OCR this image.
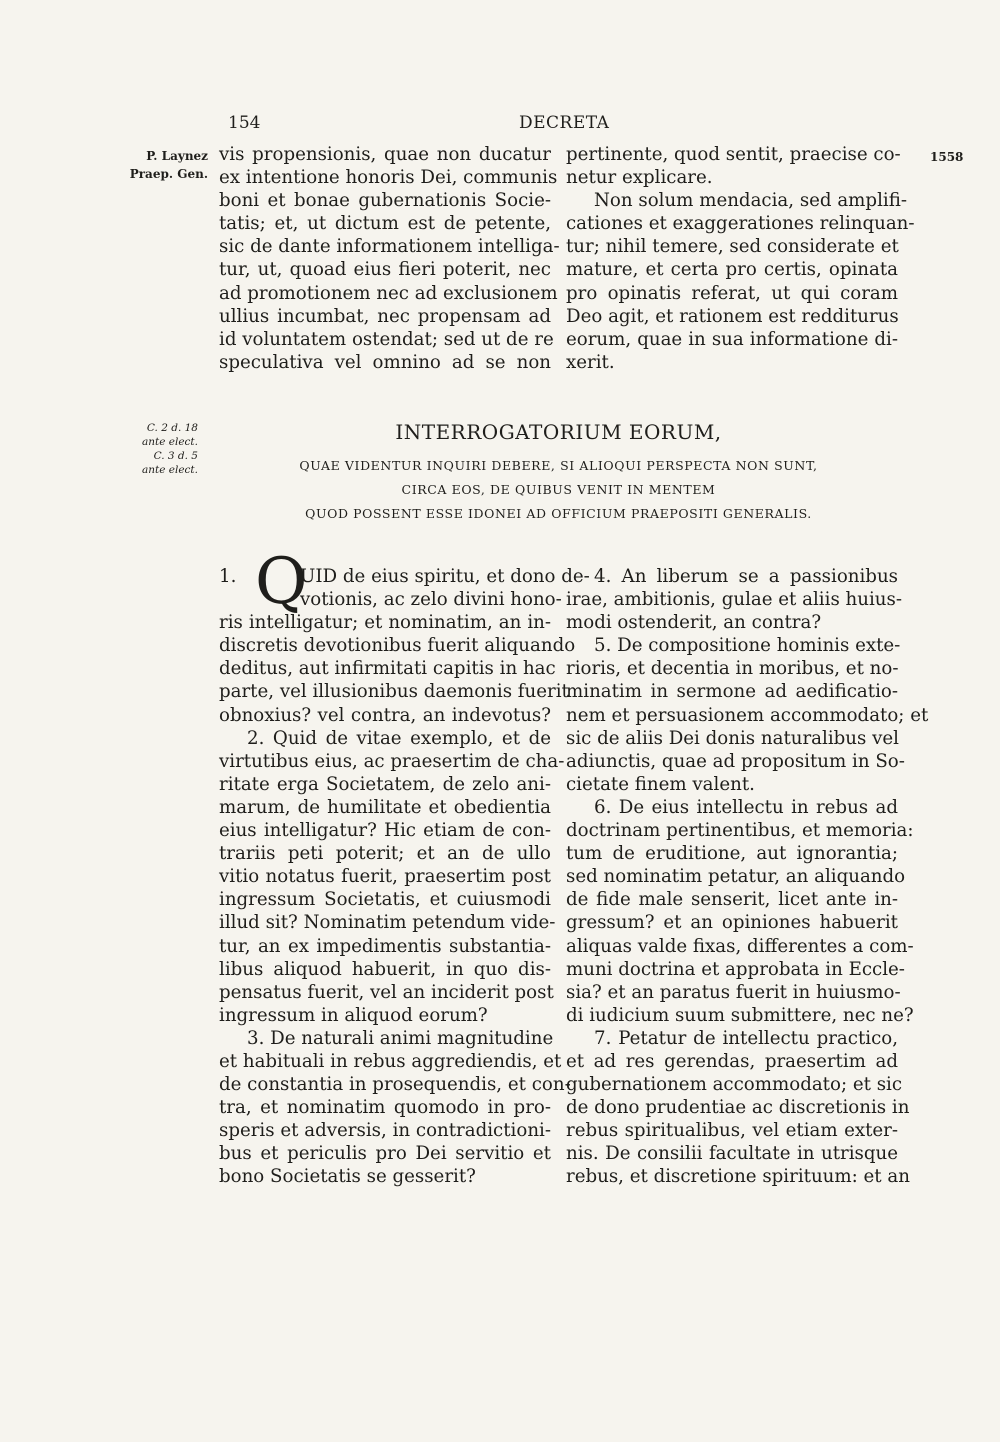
154	DECRETA
P. Laynez
Praep. Gen.
1558
C. 2 d. 18
ante elect.
C. 3 d. 5
ante elect.
vis propensionis, quae non ducatur
ex intentione honoris Dei, communis
boni et bonae gubernationis Socie-
tatis; et, ut dictum est de petente,
sic de dante informationem intelliga-
tur, ut, quoad eius fieri poterit, nec
ad promotionem nec ad exclusionem
ullius incumbat, nec propensam ad
id voluntatem ostendat; sed ut de re
speculativa vel omnino ad se non
pertinente, quod sentit, praecise co-
netur explicare.
Non solum mendacia, sed amplifi-
cationes et exaggerationes relinquan-
tur; nihil temere, sed considerate et
mature, et certa pro certis, opinata
pro opinatis referat, ut qui coram
Deo agit, et rationem est redditurus
eorum, quae in sua informatione di-
xerit.
INTERROGATORIUM EORUM,
QUAE VIDENTUR INQUIRI DEBERE, SI ALIOQUI PERSPECTA NON SUNT,
CIRCA EOS, DE QUIBUS VENIT IN MENTEM
QUOD POSSENT ESSE IDONEI AD OFFICIUM PRAEPOSITI GENERALIS.
1. Q
UID de eius spiritu, et dono de-
votionis, ac zelo divini hono-
ris intelligatur; et nominatim, an in-
discretis devotionibus fuerit aliquando
deditus, aut infirmitati capitis in hac
parte, vel illusionibus daemonis fuerit
obnoxius? vel contra, an indevotus?
2. Quid de vitae exemplo, et de
virtutibus eius, ac praesertim de cha-
ritate erga Societatem, de zelo ani-
marum, de humilitate et obedientia
eius intelligatur? Hic etiam de con-
trariis peti poterit; et an de ullo
vitio notatus fuerit, praesertim post
ingressum Societatis, et cuiusmodi
illud sit? Nominatim petendum vide-
tur, an ex impedimentis substantia-
libus aliquod habuerit, in quo dis-
pensatus fuerit, vel an inciderit post
ingressum in aliquod eorum?
3. De naturali animi magnitudine
et habituali in rebus aggrediendis, et
de constantia in prosequendis, et con-
tra, et nominatim quomodo in pro-
speris et adversis, in contradictioni-
bus et periculis pro Dei servitio et
bono Societatis se gesserit?
4. An liberum se a passionibus
irae, ambitionis, gulae et aliis huius-
modi ostenderit, an contra?
5. De compositione hominis exte-
rioris, et decentia in moribus, et no-
minatim in sermone ad aedificatio-
nem et persuasionem accommodato; et
sic de aliis Dei donis naturalibus vel
adiunctis, quae ad propositum in So-
cietate finem valent.
6. De eius intellectu in rebus ad
doctrinam pertinentibus, et memoria:
tum de eruditione, aut ignorantia;
sed nominatim petatur, an aliquando
de fide male senserit, licet ante in-
gressum? et an opiniones habuerit
aliquas valde fixas, differentes a com-
muni doctrina et approbata in Eccle-
sia? et an paratus fuerit in huiusmo-
di iudicium suum submittere, nec ne?
7. Petatur de intellectu practico,
et ad res gerendas, praesertim ad
gubernationem accommodato; et sic
de dono prudentiae ac discretionis in
rebus spiritualibus, vel etiam exter-
nis. De consilii facultate in utrisque
rebus, et discretione spirituum: et an
